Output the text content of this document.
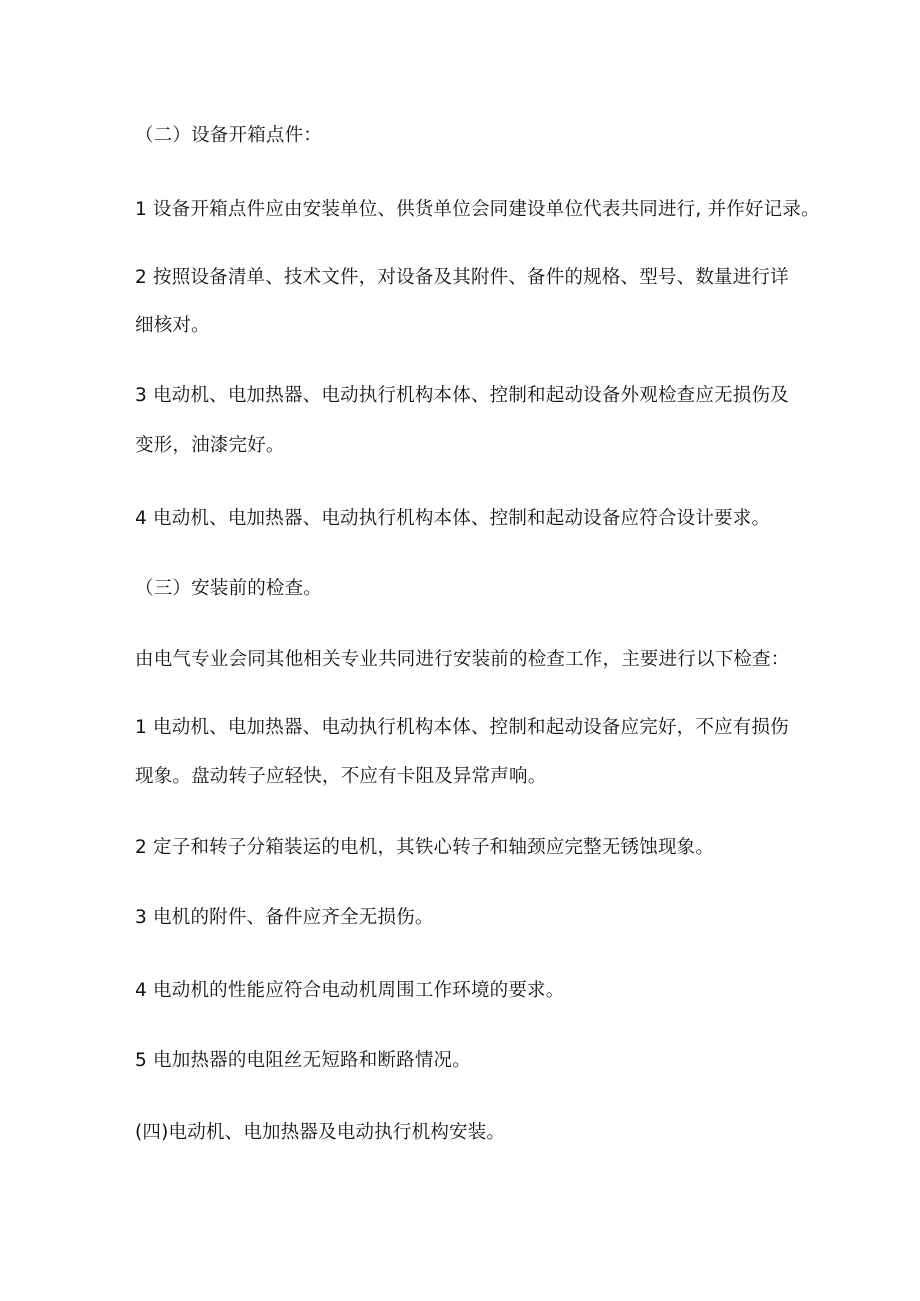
（二）设备开箱点件：
1 设备开箱点件应由安装单位、供货单位会同建设单位代表共同进行, 并作好记录。
2 按照设备清单、技术文件，对设备及其附件、备件的规格、型号、数量进行详
细核对。
3 电动机、电加热器、电动执行机构本体、控制和起动设备外观检查应无损伤及
变形，油漆完好。
4 电动机、电加热器、电动执行机构本体、控制和起动设备应符合设计要求。
（三）安装前的检查。
由电气专业会同其他相关专业共同进行安装前的检查工作，主要进行以下检查：
1 电动机、电加热器、电动执行机构本体、控制和起动设备应完好，不应有损伤
现象。盘动转子应轻快，不应有卡阻及异常声响。
2 定子和转子分箱装运的电机，其铁心转子和轴颈应完整无锈蚀现象。
3 电机的附件、备件应齐全无损伤。
4 电动机的性能应符合电动机周围工作环境的要求。
5 电加热器的电阻丝无短路和断路情况。
(四)电动机、电加热器及电动执行机构安装。
